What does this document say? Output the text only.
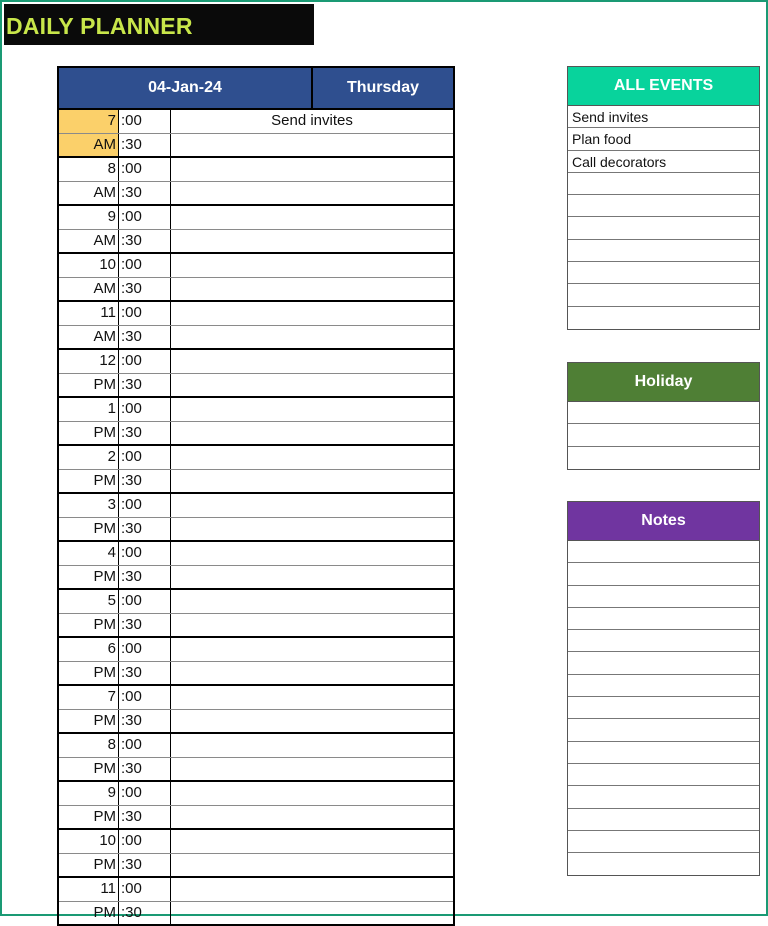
DAILY PLANNER
04-Jan-24	Thursday
7 :00	Send invites
AM :30
8 :00
AM :30
9 :00
AM :30
10 :00
AM :30
11 :00
AM :30
12 :00
PM :30
1 :00
PM :30
2 :00
PM :30
3 :00
PM :30
4 :00
PM :30
5 :00
PM :30
6 :00
PM :30
7 :00
PM :30
8 :00
PM :30
9 :00
PM :30
10 :00
PM :30
11 :00
PM :30
ALL EVENTS
Send invites
Plan food
Call decorators
Holiday
Notes
